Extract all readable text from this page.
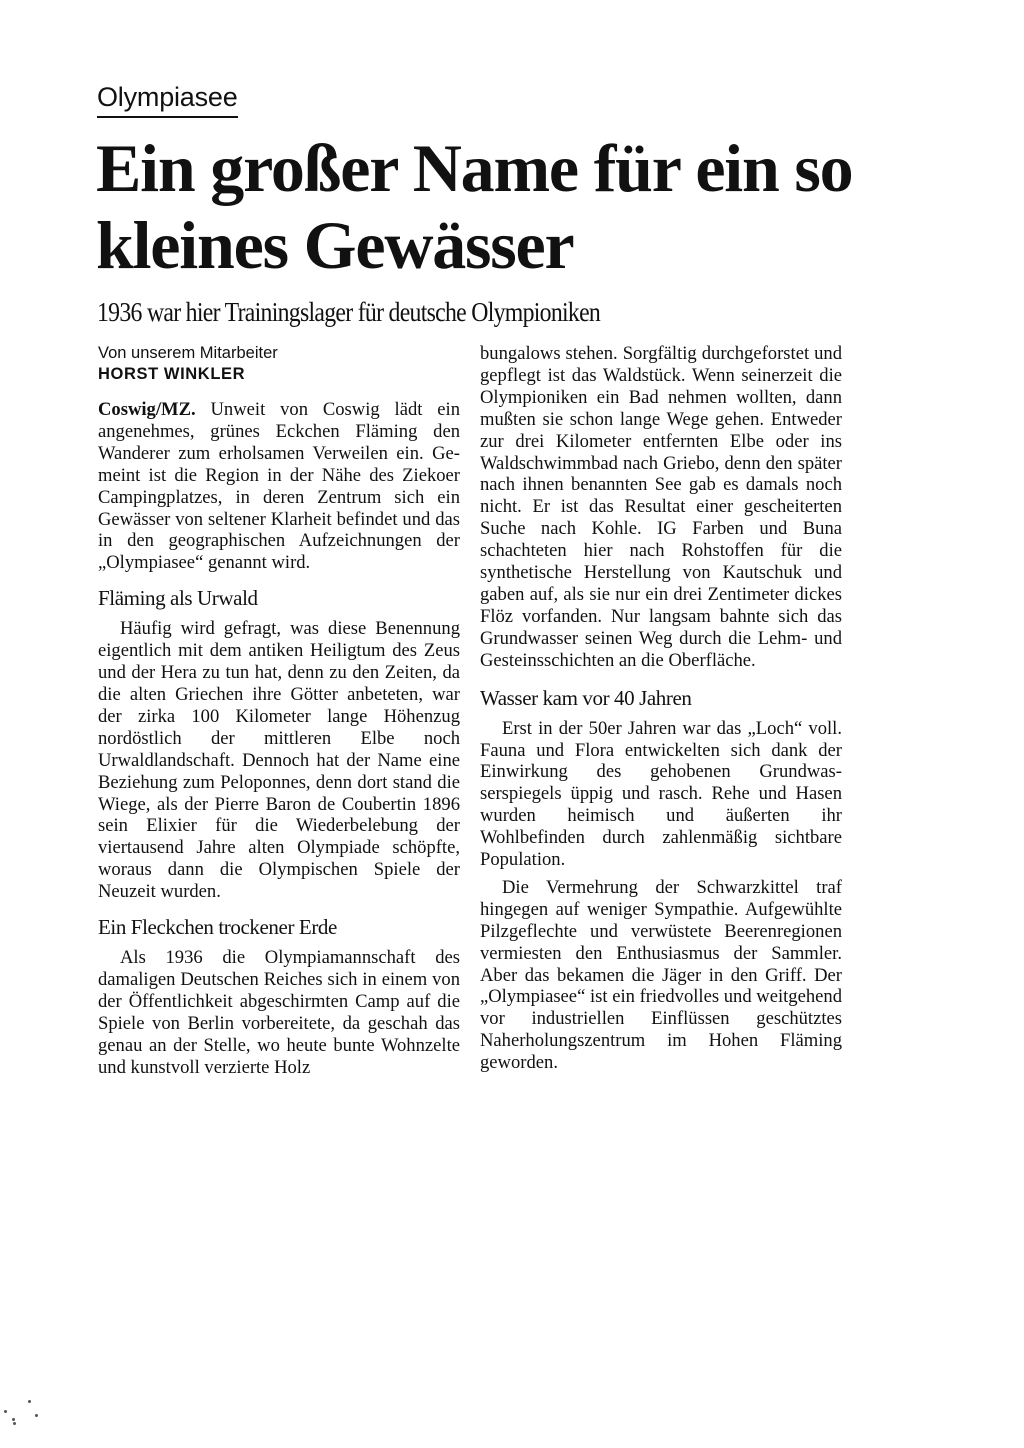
Olympiasee
Ein großer Name für ein so kleines Gewässer
1936 war hier Trainingslager für deutsche Olympioniken
Von unserem Mitarbeiter
HORST WINKLER

Coswig/MZ. Unweit von Coswig lädt ein angenehmes, grünes Eckchen Fläming den Wanderer zum erholsamen Verweilen ein. Gemeint ist die Region in der Nähe des Ziekoer Campingplatzes, in deren Zentrum sich ein Gewässer von seltener Klarheit befindet und das in den geographischen Aufzeichnungen der „Olympiasee“ genannt wird.

Fläming als Urwald

Häufig wird gefragt, was diese Benennung eigentlich mit dem antiken Heiligtum des Zeus und der Hera zu tun hat, denn zu den Zeiten, da die alten Griechen ihre Götter anbeteten, war der zirka 100 Kilometer lange Höhenzug nordöstlich der mittleren Elbe noch Urwaldlandschaft. Dennoch hat der Name eine Beziehung zum Peloponnes, denn dort stand die Wiege, als der Pierre Baron de Coubertin 1896 sein Elixier für die Wiederbelebung der viertausend Jahre alten Olympiade schöpfte, woraus dann die Olympischen Spiele der Neuzeit wurden.

Ein Fleckchen trockener Erde

Als 1936 die Olympiamannschaft des damaligen Deutschen Reiches sich in einem von der Öffentlichkeit abgeschirmten Camp auf die Spiele von Berlin vorbereitete, da geschah das genau an der Stelle, wo heute bunte Wohnzelte und kunstvoll verzierte Holz

bungalows stehen. Sorgfältig durchgeforstet und gepflegt ist das Waldstück. Wenn seinerzeit die Olympioniken ein Bad nehmen wollten, dann mußten sie schon lange Wege gehen. Entweder zur drei Kilometer entfernten Elbe oder ins Waldschwimmbad nach Griebo, denn den später nach ihnen benannten See gab es damals noch nicht. Er ist das Resultat einer gescheiterten Suche nach Kohle. IG Farben und Buna schachteten hier nach Rohstoffen für die synthetische Herstellung von Kautschuk und gaben auf, als sie nur ein drei Zentimeter dickes Flöz vorfanden. Nur langsam bahnte sich das Grundwasser seinen Weg durch die Lehm- und Gesteinsschichten an die Oberfläche.

Wasser kam vor 40 Jahren

Erst in der 50er Jahren war das „Loch“ voll. Fauna und Flora entwickelten sich dank der Einwirkung des gehobenen Grundwasserspiegels üppig und rasch. Rehe und Hasen wurden heimisch und äußerten ihr Wohlbefinden durch zahlenmäßig sichtbare Population.

Die Vermehrung der Schwarzkittel traf hingegen auf weniger Sympathie. Aufgewühlte Pilzgeflechte und verwüstete Beerenregionen vermiesten den Enthusiasmus der Sammler. Aber das bekamen die Jäger in den Griff. Der „Olympiasee“ ist ein friedvolles und weitgehend vor industriellen Einflüssen geschütztes Naherholungszentrum im Hohen Fläming geworden.
